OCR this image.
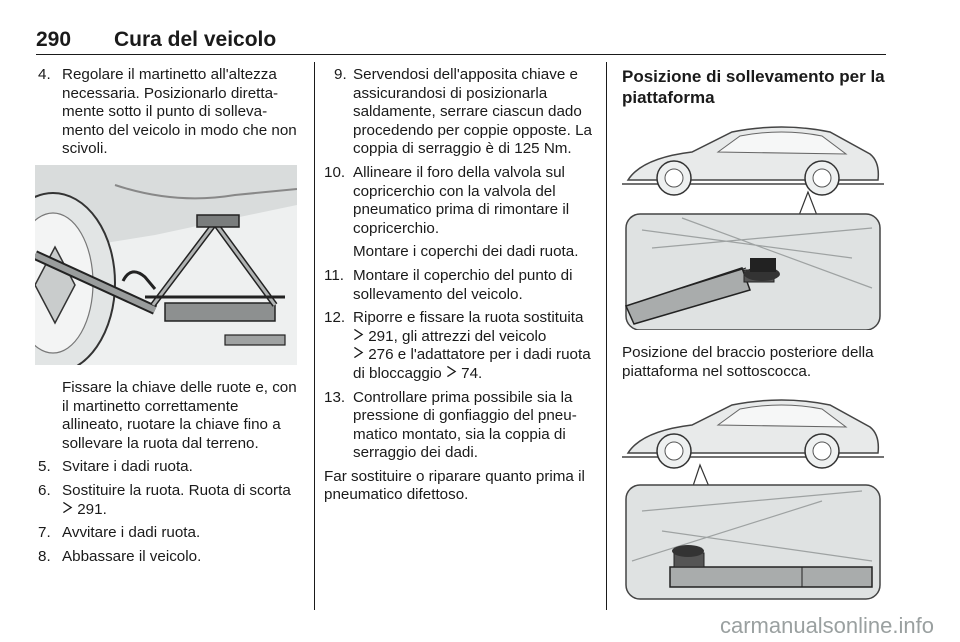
290 Cura del veicolo
4. Regolare il martinetto all'altezza necessaria. Posizionarlo diretta-mente sotto il punto di solleva-mento del veicolo in modo che non scivoli.
Fissare la chiave delle ruote e, con il martinetto correttamente allineato, ruotare la chiave fino a sollevare la ruota dal terreno.
5. Svitare i dadi ruota.
6. Sostituire la ruota. Ruota di scorta
291.
7. Avvitare i dadi ruota.
8. Abbassare il veicolo.
9. Servendosi dell'apposita chiave e assicurandosi di posizionarla saldamente, serrare ciascun dado procedendo per coppie opposte. La coppia di serraggio è di 125 Nm.
10. Allineare il foro della valvola sul copricerchio con la valvola del pneumatico prima di rimontare il copricerchio.
Montare i coperchi dei dadi ruota.
11. Montare il coperchio del punto di sollevamento del veicolo.
12. Riporre e fissare la ruota sostituita
291, gli attrezzi del veicolo
276 e l'adattatore per i dadi ruota di bloccaggio 74.
13. Controllare prima possibile sia la pressione di gonfiaggio del pneu-matico montato, sia la coppia di serraggio dei dadi.
Far sostituire o riparare quanto prima il pneumatico difettoso.
Posizione di sollevamento per la piattaforma
Posizione del braccio posteriore della piattaforma nel sottoscocca.
carmanualsonline.info
